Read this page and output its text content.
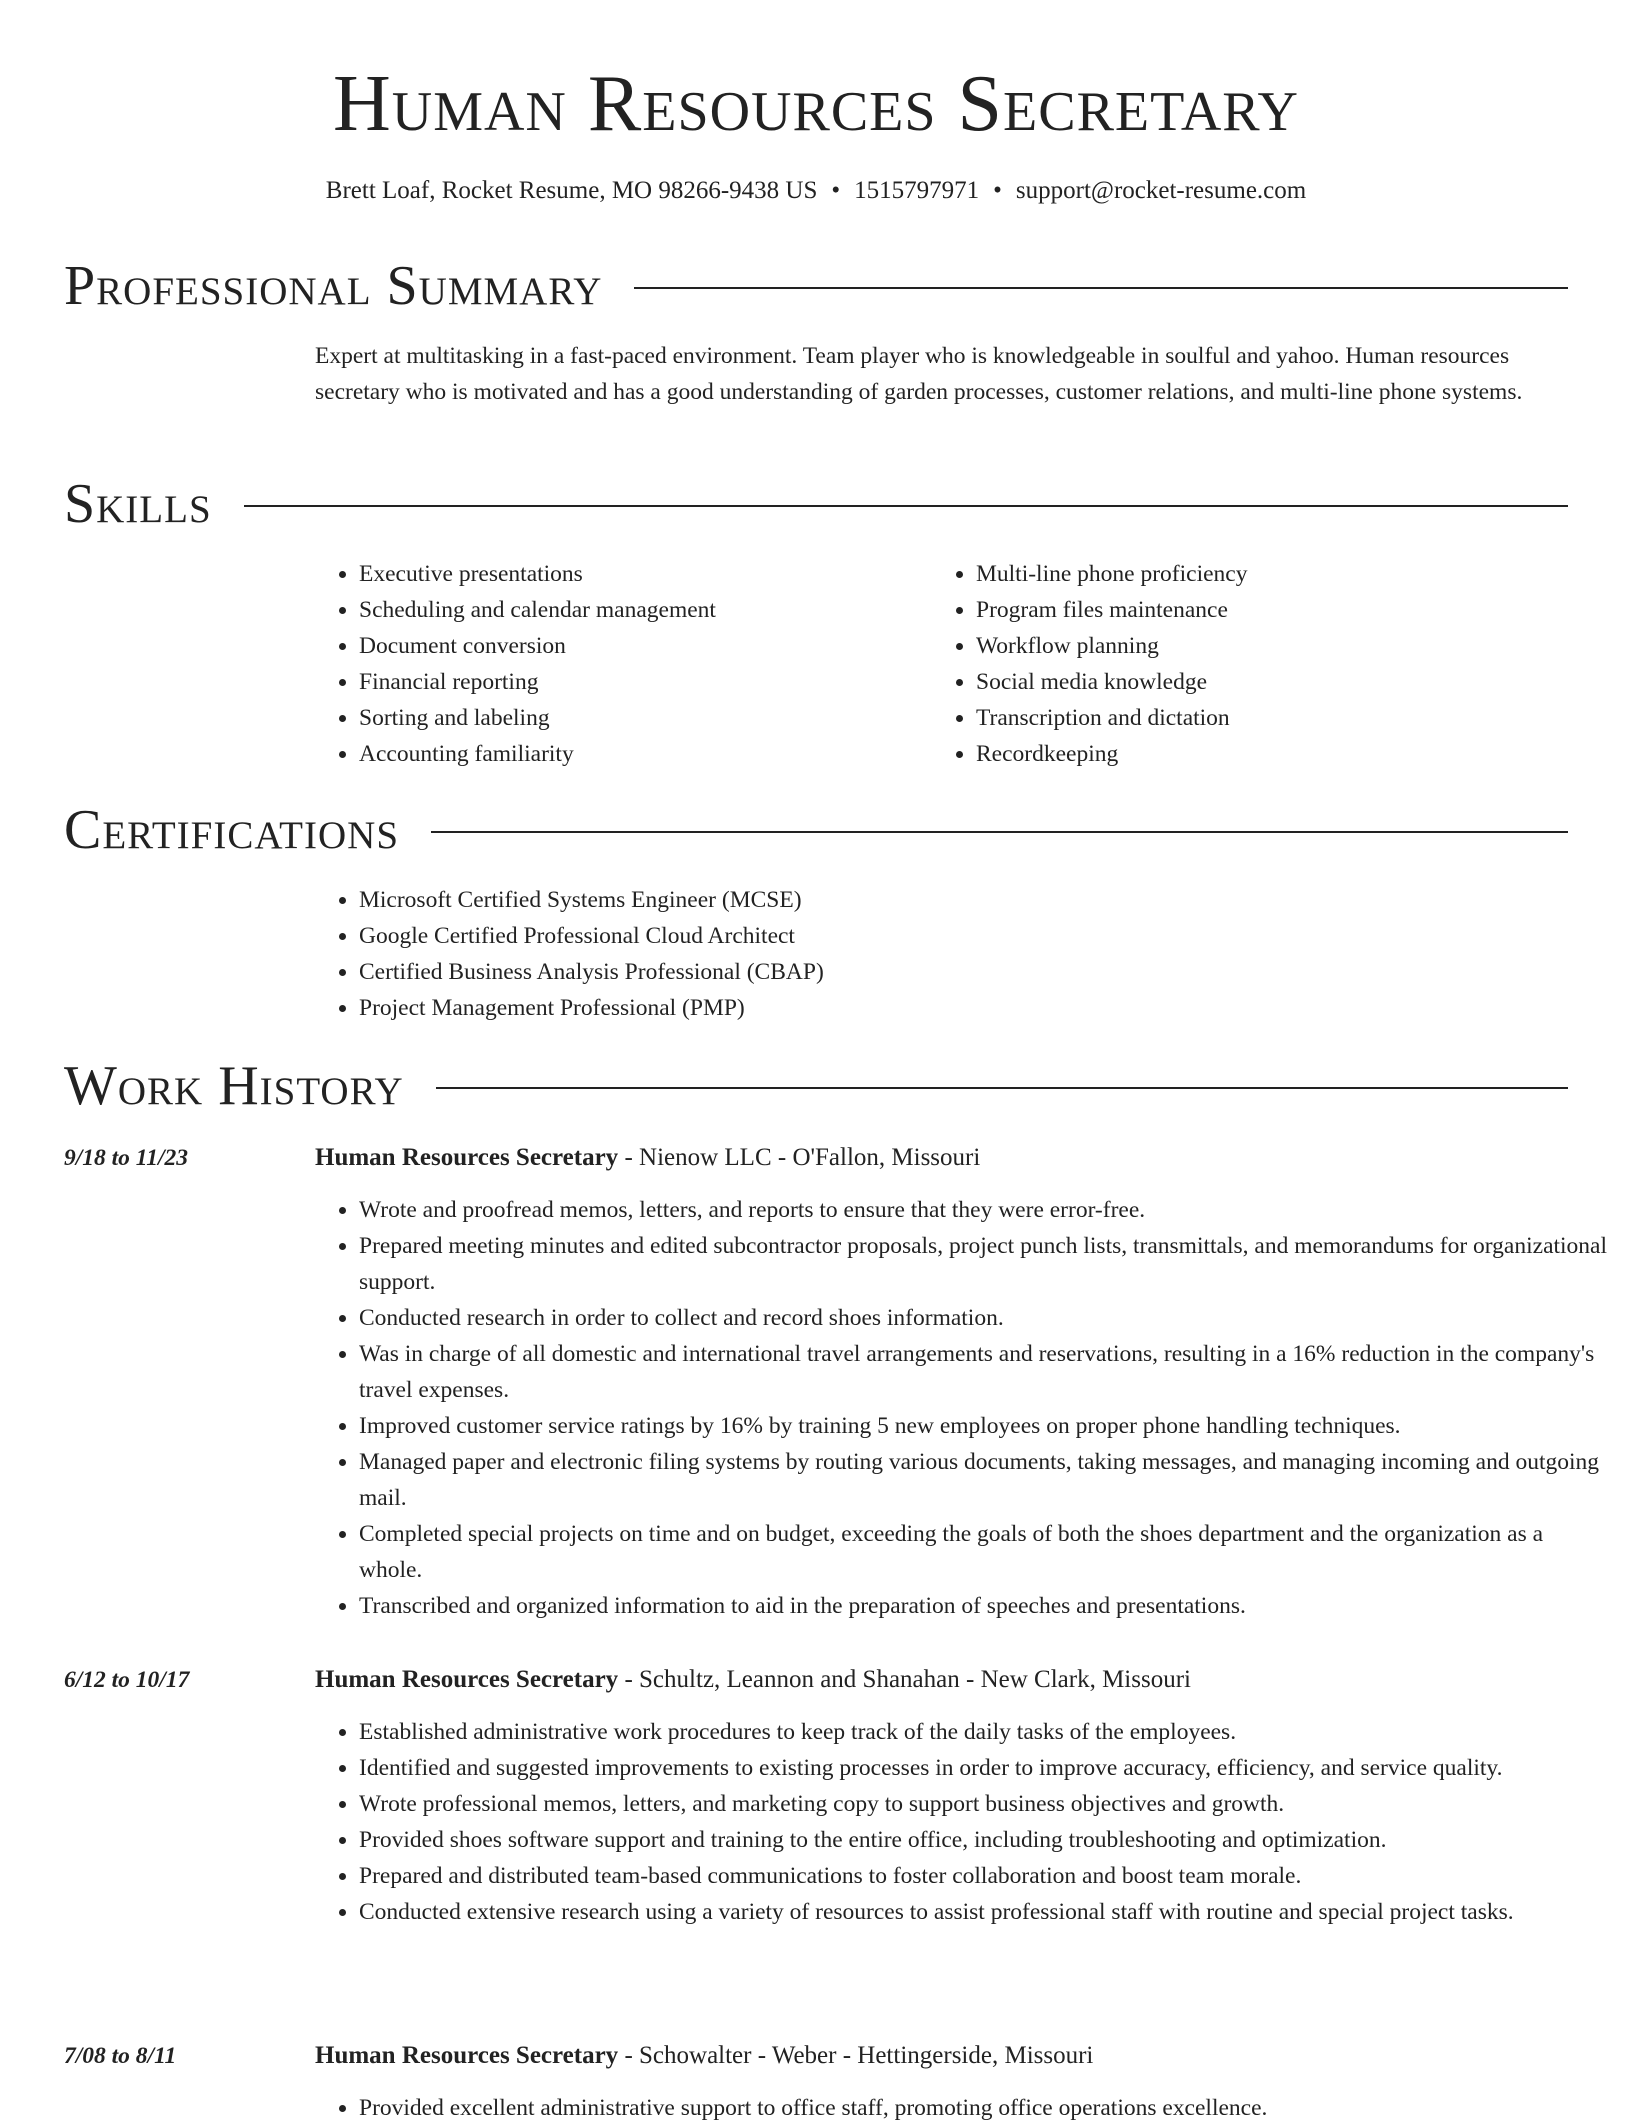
Human Resources Secretary
Brett Loaf, Rocket Resume, MO 98266-9438 US • 1515797971 • support@rocket-resume.com
Professional Summary

Expert at multitasking in a fast-paced environment. Team player who is knowledgeable in soulful and yahoo. Human resources secretary who is motivated and has a good understanding of garden processes, customer relations, and multi-line phone systems.

Skills
• Executive presentations
• Scheduling and calendar management
• Document conversion
• Financial reporting
• Sorting and labeling
• Accounting familiarity
• Multi-line phone proficiency
• Program files maintenance
• Workflow planning
• Social media knowledge
• Transcription and dictation
• Recordkeeping
Certifications
• Microsoft Certified Systems Engineer (MCSE)
• Google Certified Professional Cloud Architect
• Certified Business Analysis Professional (CBAP)
• Project Management Professional (PMP)
Work History
9/18 to 11/23	Human Resources Secretary - Nienow LLC - O'Fallon, Missouri
• Wrote and proofread memos, letters, and reports to ensure that they were error-free.
• Prepared meeting minutes and edited subcontractor proposals, project punch lists, transmittals, and memorandums for organizational support.
• Conducted research in order to collect and record shoes information.
• Was in charge of all domestic and international travel arrangements and reservations, resulting in a 16% reduction in the company's travel expenses.
• Improved customer service ratings by 16% by training 5 new employees on proper phone handling techniques.
• Managed paper and electronic filing systems by routing various documents, taking messages, and managing incoming and outgoing mail.
• Completed special projects on time and on budget, exceeding the goals of both the shoes department and the organization as a whole.
• Transcribed and organized information to aid in the preparation of speeches and presentations.
6/12 to 10/17	Human Resources Secretary - Schultz, Leannon and Shanahan - New Clark, Missouri
• Established administrative work procedures to keep track of the daily tasks of the employees.
• Identified and suggested improvements to existing processes in order to improve accuracy, efficiency, and service quality.
• Wrote professional memos, letters, and marketing copy to support business objectives and growth.
• Provided shoes software support and training to the entire office, including troubleshooting and optimization.
• Prepared and distributed team-based communications to foster collaboration and boost team morale.
• Conducted extensive research using a variety of resources to assist professional staff with routine and special project tasks.
7/08 to 8/11	Human Resources Secretary - Schowalter - Weber - Hettingerside, Missouri
• Provided excellent administrative support to office staff, promoting office operations excellence.
